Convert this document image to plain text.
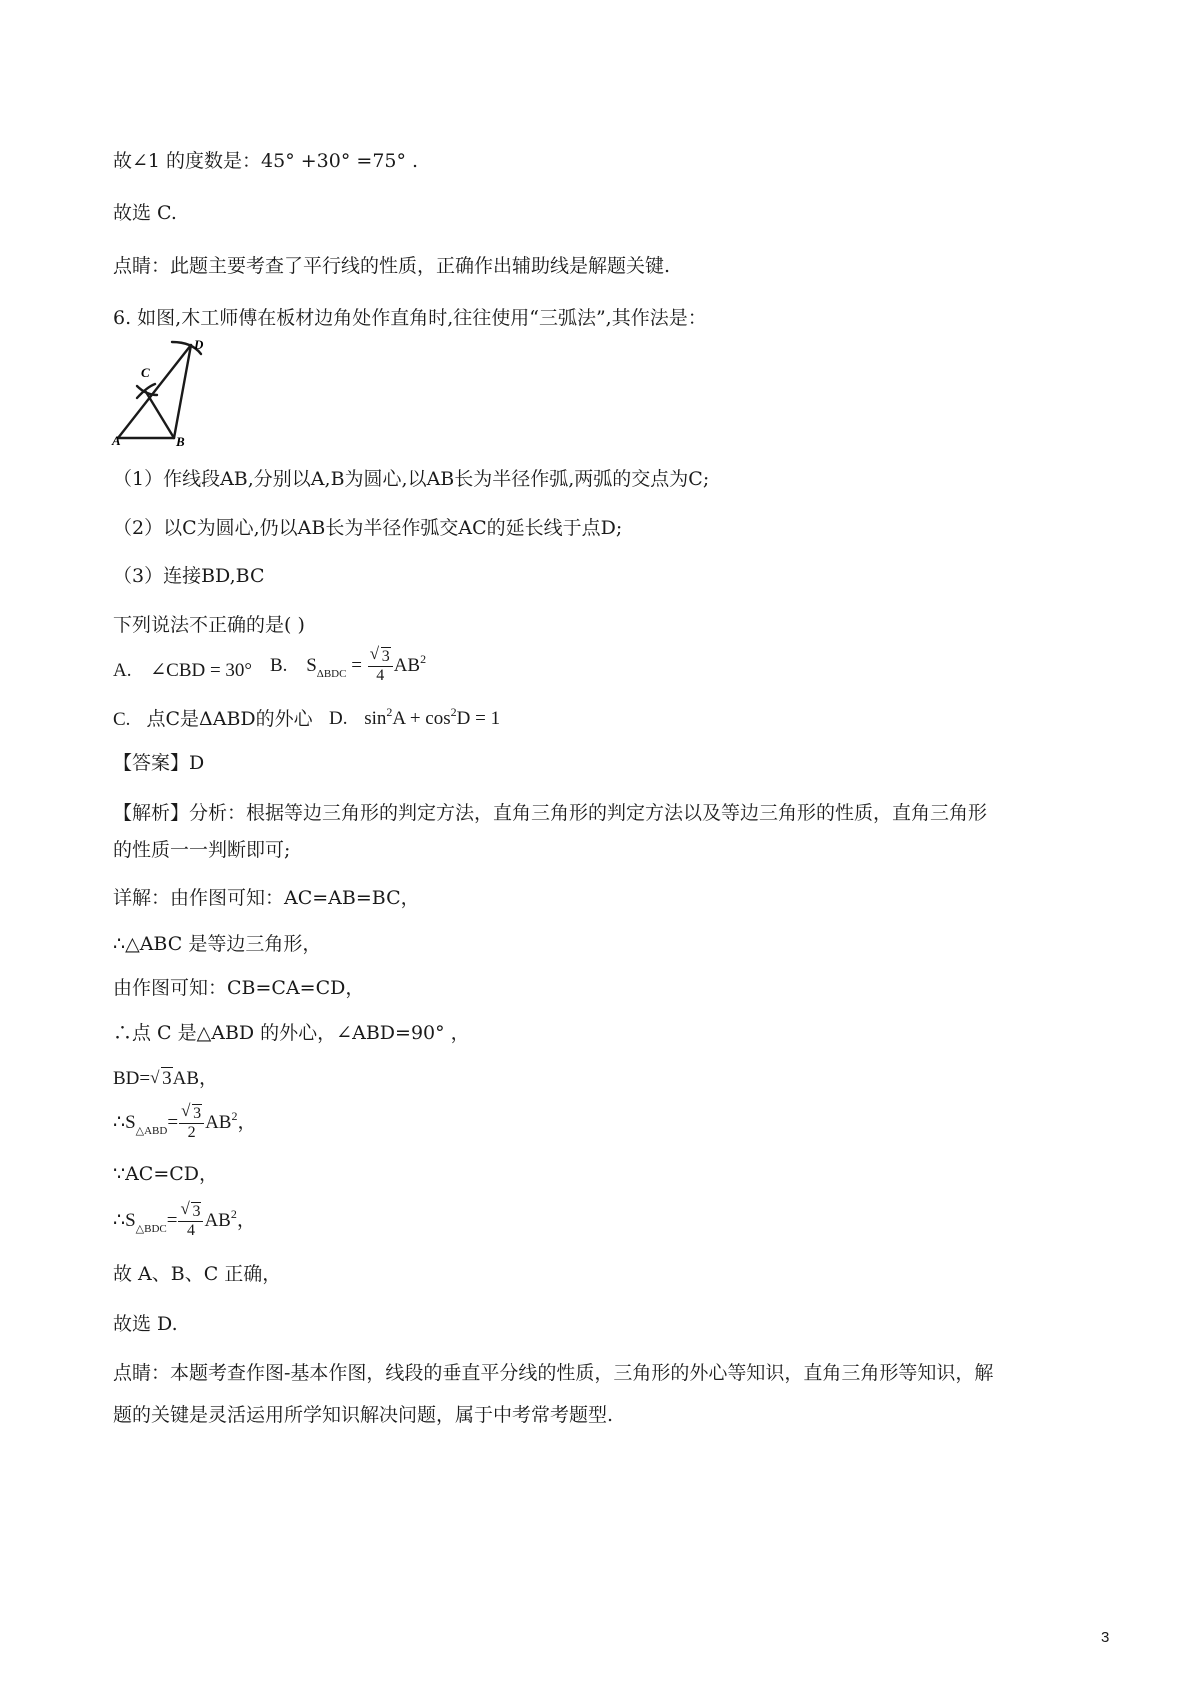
故∠1 的度数是：45° +30° =75° .
故选 C.
点睛：此题主要考查了平行线的性质，正确作出辅助线是解题关键.
6. 如图,木工师傅在板材边角处作直角时,往往使用“三弧法”,其作法是：
A	B
C
D
（1）作线段AB,分别以A,B为圆心,以AB长为半径作弧,两弧的交点为C;
（2）以C为圆心,仍以AB长为半径作弧交AC的延长线于点D;
（3）连接BD,BC
下列说法不正确的是( )
A. ∠CBD = 30° B. $S_{\Delta BDC} = \frac{√ 3}{4} AB^2$
C. 点C是ΔABD的外心 D. $\sin^2A + \cos^2D = 1$
【答案】D
【解析】分析：根据等边三角形的判定方法，直角三角形的判定方法以及等边三角形的性质，直角三角形
的性质一一判断即可;
详解：由作图可知：AC=AB=BC，
∴△ABC 是等边三角形，
由作图可知：CB=CA=CD，
∴点 C 是△ABD 的外心，∠ABD=90° ，
BD= √ 3AB，
$\therefore S_{\triangle ABD}= \frac{√ 3}{2} AB^2$，
∵AC=CD，
$\therefore S_{\triangle BDC}= \frac{√ 3}{4} AB^2$，
故 A、B、C 正确，
故选 D.
点睛：本题考查作图-基本作图，线段的垂直平分线的性质，三角形的外心等知识，直角三角形等知识，解
题的关键是灵活运用所学知识解决问题，属于中考常考题型.
3
